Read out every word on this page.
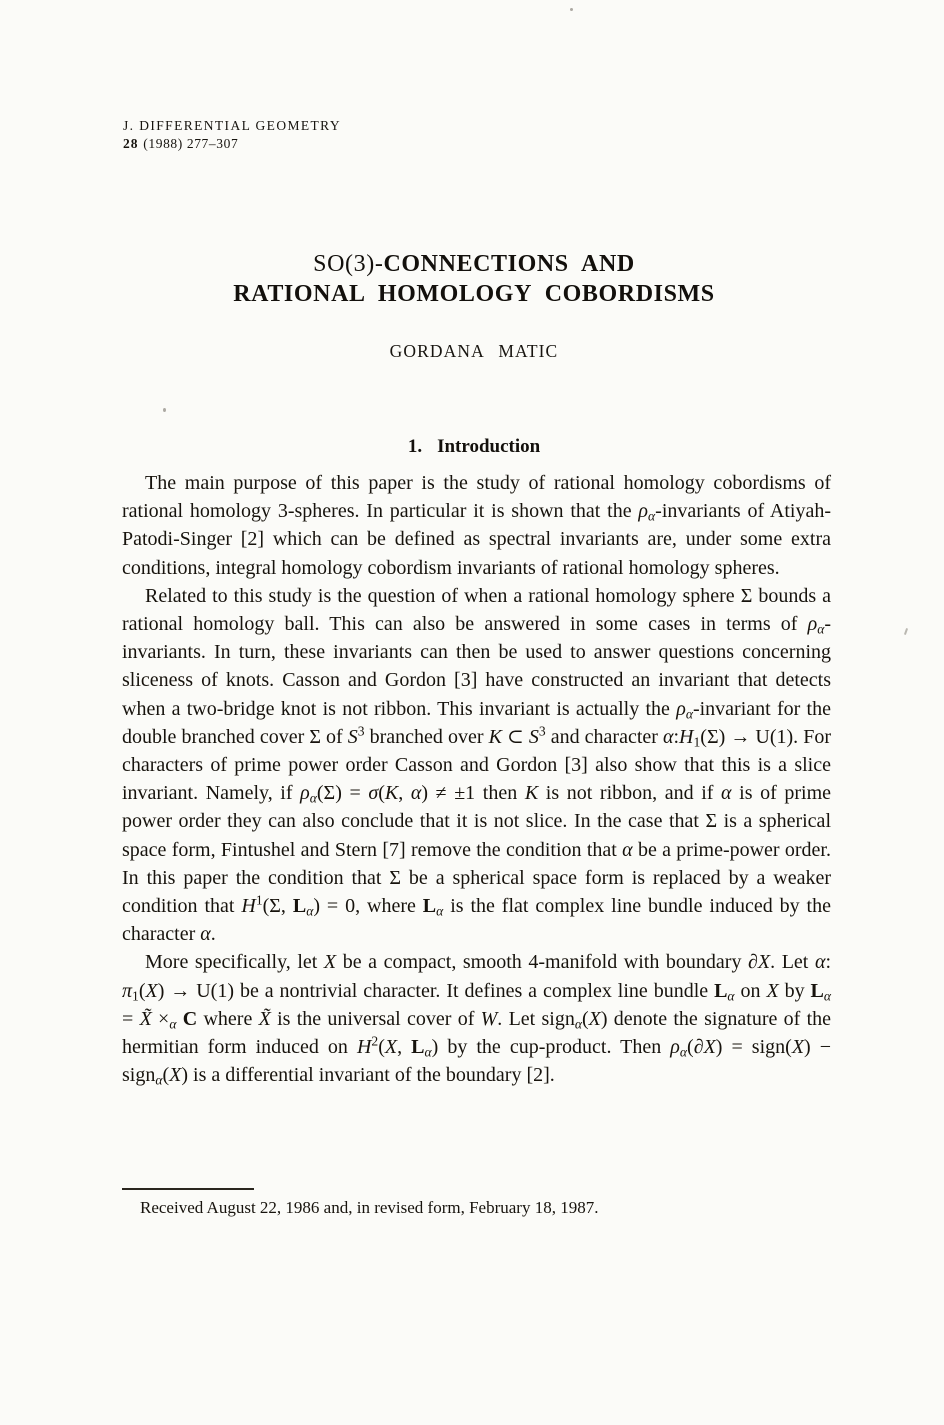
J. DIFFERENTIAL GEOMETRY
28 (1988) 277–307
SO(3)-CONNECTIONS AND
RATIONAL HOMOLOGY COBORDISMS
GORDANA MATIC
1. Introduction

The main purpose of this paper is the study of rational homology cobordisms of rational homology 3-spheres. In particular it is shown that the $\rho_\alpha$-invariants of Atiyah-Patodi-Singer [2] which can be defined as spectral invariants are, under some extra conditions, integral homology cobordism invariants of rational homology spheres.

Related to this study is the question of when a rational homology sphere Σ bounds a rational homology ball. This can also be answered in some cases in terms of $\rho_\alpha$-invariants. In turn, these invariants can then be used to answer questions concerning sliceness of knots. Casson and Gordon [3] have constructed an invariant that detects when a two-bridge knot is not ribbon. This invariant is actually the $\rho_\alpha$-invariant for the double branched cover Σ of $S^3$ branched over K ⊂ $S^3$ and character $\alpha:H_1(\Sigma) \to U(1)$. For characters of prime power order Casson and Gordon [3] also show that this is a slice invariant. Namely, if $\rho_\alpha(\Sigma) = \sigma(K$, α) ≠ ±1 then K is not ribbon, and if α is of prime power order they can also conclude that it is not slice. In the case that Σ is a spherical space form, Fintushel and Stern [7] remove the condition that α be a prime-power order. In this paper the condition that Σ be a spherical space form is replaced by a weaker condition that $H^1(\Sigma$, $L_\alpha) = 0$, where $L_\alpha$ is the flat complex line bundle induced by the character α.

More specifically, let X be a compact, smooth 4-manifold with boundary ∂X. Let α: $\pi_1(X) \to U(1)$ be a nontrivial character. It defines a complex line bundle $L_\alpha$ on X by $L_\alpha$ = X̃ $\times_\alpha$ C where X̃ is the universal cover of W. Let sign$_\alpha$(X) denote the signature of the hermitian form induced on $H^2(X$, $L_\alpha$) by the cup-product. Then $\rho_\alpha(\partial X)$ = sign(X) − sign$_\alpha$(X) is a differential invariant of the boundary [2].

Received August 22, 1986 and, in revised form, February 18, 1987.
